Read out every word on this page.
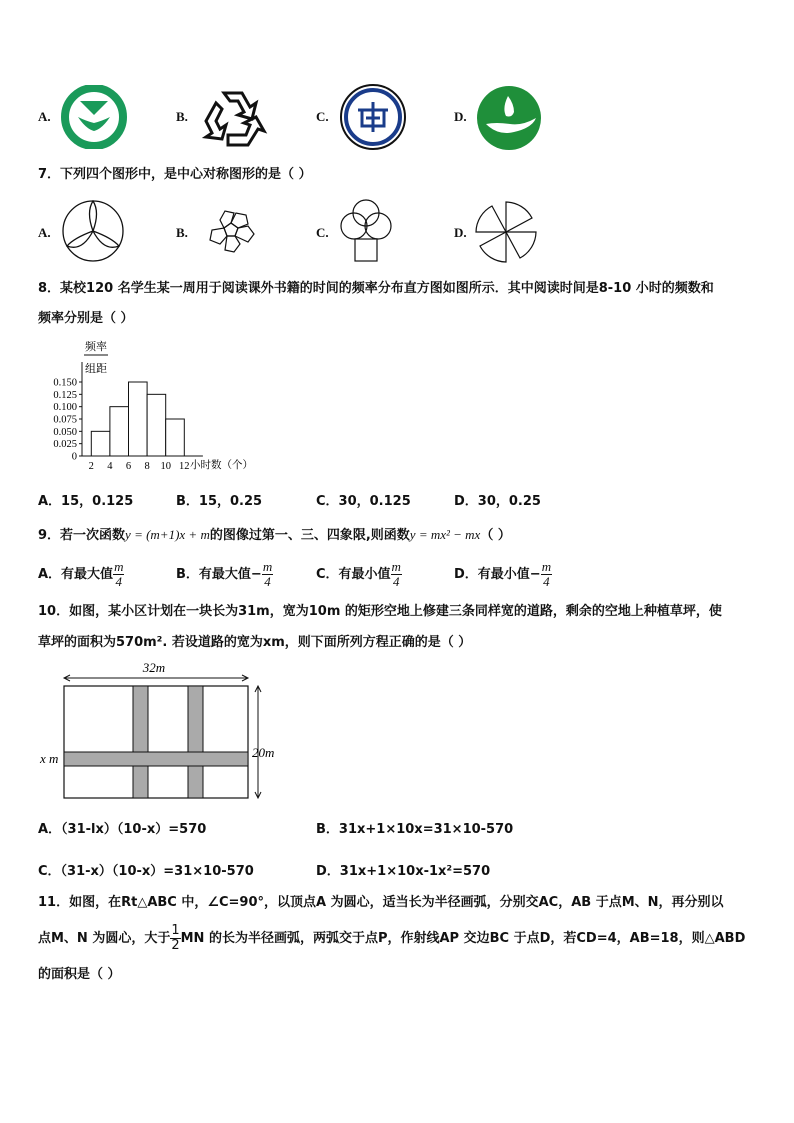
A.	B.	C.	D.
7．下列四个图形中，是中心对称图形的是（ ）
A.	B.	C.	D.
8．某校120 名学生某一周用于阅读课外书籍的时间的频率分布直方图如图所示．其中阅读时间是8-10 小时的频数和
频率分别是（ ）
频率
组距
0.150
0.125
0.100
0.075
0.050
0.025
0
2 4 6 8 10 12 小时数（个）
A．15，0.125	B．15，0.25	C．30，0.125	D．30，0.25
9．若一次函数y = (m+1)x + m的图像过第一、三、四象限,则函数y = mx² − mx（ ）
A．有最大值 $\frac{m}{4}$	B．有最大值− $\frac{m}{4}$	C．有最小值 $\frac{m}{4}$	D．有最小值− $\frac{m}{4}$
10．如图，某小区计划在一块长为31m，宽为10m 的矩形空地上修建三条同样宽的道路，剩余的空地上种植草坪，使
草坪的面积为570m². 若设道路的宽为xm，则下面所列方程正确的是（ ）
32m
20m
x m
A．（31-lx）（10-x）=570	B．31x+1×10x=31×10-570
C．（31-x）（10-x）=31×10-570	D．31x+1×10x-1x²=570
11．如图，在Rt△ABC 中，∠C=90°，以顶点A 为圆心，适当长为半径画弧，分别交AC，AB 于点M、N，再分别以
点M、N 为圆心，大于 $\frac{1}{2}$ MN 的长为半径画弧，两弧交于点P，作射线AP 交边BC 于点D，若CD=4，AB=18，则△ABD
的面积是（ ）
